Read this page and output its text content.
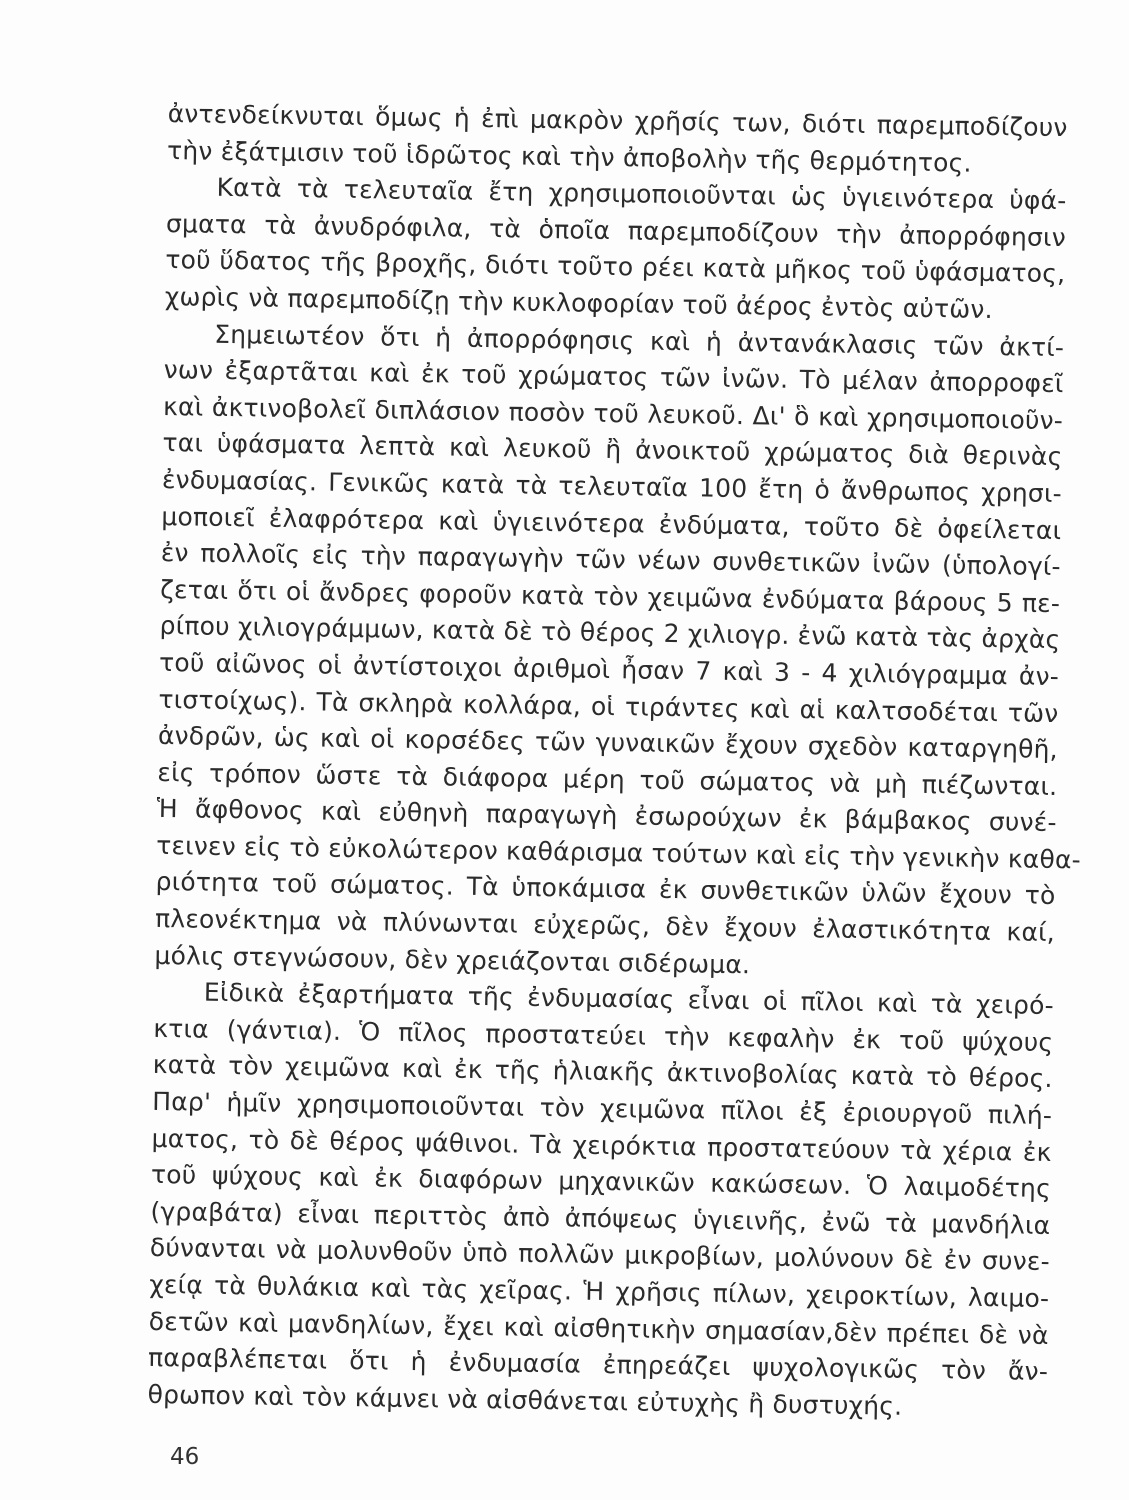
ἀντενδείκνυται ὅμως ἡ ἐπὶ μακρὸν χρῆσίς των, διότι παρεμποδίζουν
τὴν ἐξάτμισιν τοῦ ἱδρῶτος καὶ τὴν ἀποβολὴν τῆς θερμότητος.
Κατὰ τὰ τελευταῖα ἔτη χρησιμοποιοῦνται ὡς ὑγιεινότερα ὑφά-
σματα τὰ ἀνυδρόφιλα, τὰ ὁποῖα παρεμποδίζουν τὴν ἀπορρόφησιν
τοῦ ὕδατος τῆς βροχῆς, διότι τοῦτο ρέει κατὰ μῆκος τοῦ ὑφάσματος,
χωρὶς νὰ παρεμποδίζῃ τὴν κυκλοφορίαν τοῦ ἀέρος ἐντὸς αὐτῶν.
Σημειωτέον ὅτι ἡ ἀπορρόφησις καὶ ἡ ἀντανάκλασις τῶν ἀκτί-
νων ἐξαρτᾶται καὶ ἐκ τοῦ χρώματος τῶν ἰνῶν. Τὸ μέλαν ἀπορροφεῖ
καὶ ἀκτινοβολεῖ διπλάσιον ποσὸν τοῦ λευκοῦ. Δι' ὃ καὶ χρησιμοποιοῦν-
ται ὑφάσματα λεπτὰ καὶ λευκοῦ ἢ ἀνοικτοῦ χρώματος διὰ θερινὰς
ἐνδυμασίας. Γενικῶς κατὰ τὰ τελευταῖα 100 ἔτη ὁ ἄνθρωπος χρησι-
μοποιεῖ ἐλαφρότερα καὶ ὑγιεινότερα ἐνδύματα, τοῦτο δὲ ὀφείλεται
ἐν πολλοῖς εἰς τὴν παραγωγὴν τῶν νέων συνθετικῶν ἰνῶν (ὑπολογί-
ζεται ὅτι οἱ ἄνδρες φοροῦν κατὰ τὸν χειμῶνα ἐνδύματα βάρους 5 πε-
ρίπου χιλιογράμμων, κατὰ δὲ τὸ θέρος 2 χιλιογρ. ἐνῶ κατὰ τὰς ἀρχὰς
τοῦ αἰῶνος οἱ ἀντίστοιχοι ἀριθμοὶ ἦσαν 7 καὶ 3 - 4 χιλιόγραμμα ἀν-
τιστοίχως). Τὰ σκληρὰ κολλάρα, οἱ τιράντες καὶ αἱ καλτσοδέται τῶν
ἀνδρῶν, ὡς καὶ οἱ κορσέδες τῶν γυναικῶν ἔχουν σχεδὸν καταργηθῆ,
εἰς τρόπον ὥστε τὰ διάφορα μέρη τοῦ σώματος νὰ μὴ πιέζωνται.
Ἡ ἄφθονος καὶ εὐθηνὴ παραγωγὴ ἐσωρούχων ἐκ βάμβακος συνέ-
τεινεν εἰς τὸ εὐκολώτερον καθάρισμα τούτων καὶ εἰς τὴν γενικὴν καθα-
ριότητα τοῦ σώματος. Τὰ ὑποκάμισα ἐκ συνθετικῶν ὑλῶν ἔχουν τὸ
πλεονέκτημα νὰ πλύνωνται εὐχερῶς, δὲν ἔχουν ἐλαστικότητα καί,
μόλις στεγνώσουν, δὲν χρειάζονται σιδέρωμα.
Εἰδικὰ ἐξαρτήματα τῆς ἐνδυμασίας εἶναι οἱ πῖλοι καὶ τὰ χειρό-
κτια (γάντια). Ὁ πῖλος προστατεύει τὴν κεφαλὴν ἐκ τοῦ ψύχους
κατὰ τὸν χειμῶνα καὶ ἐκ τῆς ἡλιακῆς ἀκτινοβολίας κατὰ τὸ θέρος.
Παρ' ἡμῖν χρησιμοποιοῦνται τὸν χειμῶνα πῖλοι ἐξ ἐριουργοῦ πιλή-
ματος, τὸ δὲ θέρος ψάθινοι. Τὰ χειρόκτια προστατεύουν τὰ χέρια ἐκ
τοῦ ψύχους καὶ ἐκ διαφόρων μηχανικῶν κακώσεων. Ὁ λαιμοδέτης
(γραβάτα) εἶναι περιττὸς ἀπὸ ἀπόψεως ὑγιεινῆς, ἐνῶ τὰ μανδήλια
δύνανται νὰ μολυνθοῦν ὑπὸ πολλῶν μικροβίων, μολύνουν δὲ ἐν συνε-
χείᾳ τὰ θυλάκια καὶ τὰς χεῖρας. Ἡ χρῆσις πίλων, χειροκτίων, λαιμο-
δετῶν καὶ μανδηλίων, ἔχει καὶ αἰσθητικὴν σημασίαν,δὲν πρέπει δὲ νὰ
παραβλέπεται ὅτι ἡ ἐνδυμασία ἐπηρεάζει ψυχολογικῶς τὸν ἄν-
θρωπον καὶ τὸν κάμνει νὰ αἰσθάνεται εὐτυχὴς ἢ δυστυχής.
46
